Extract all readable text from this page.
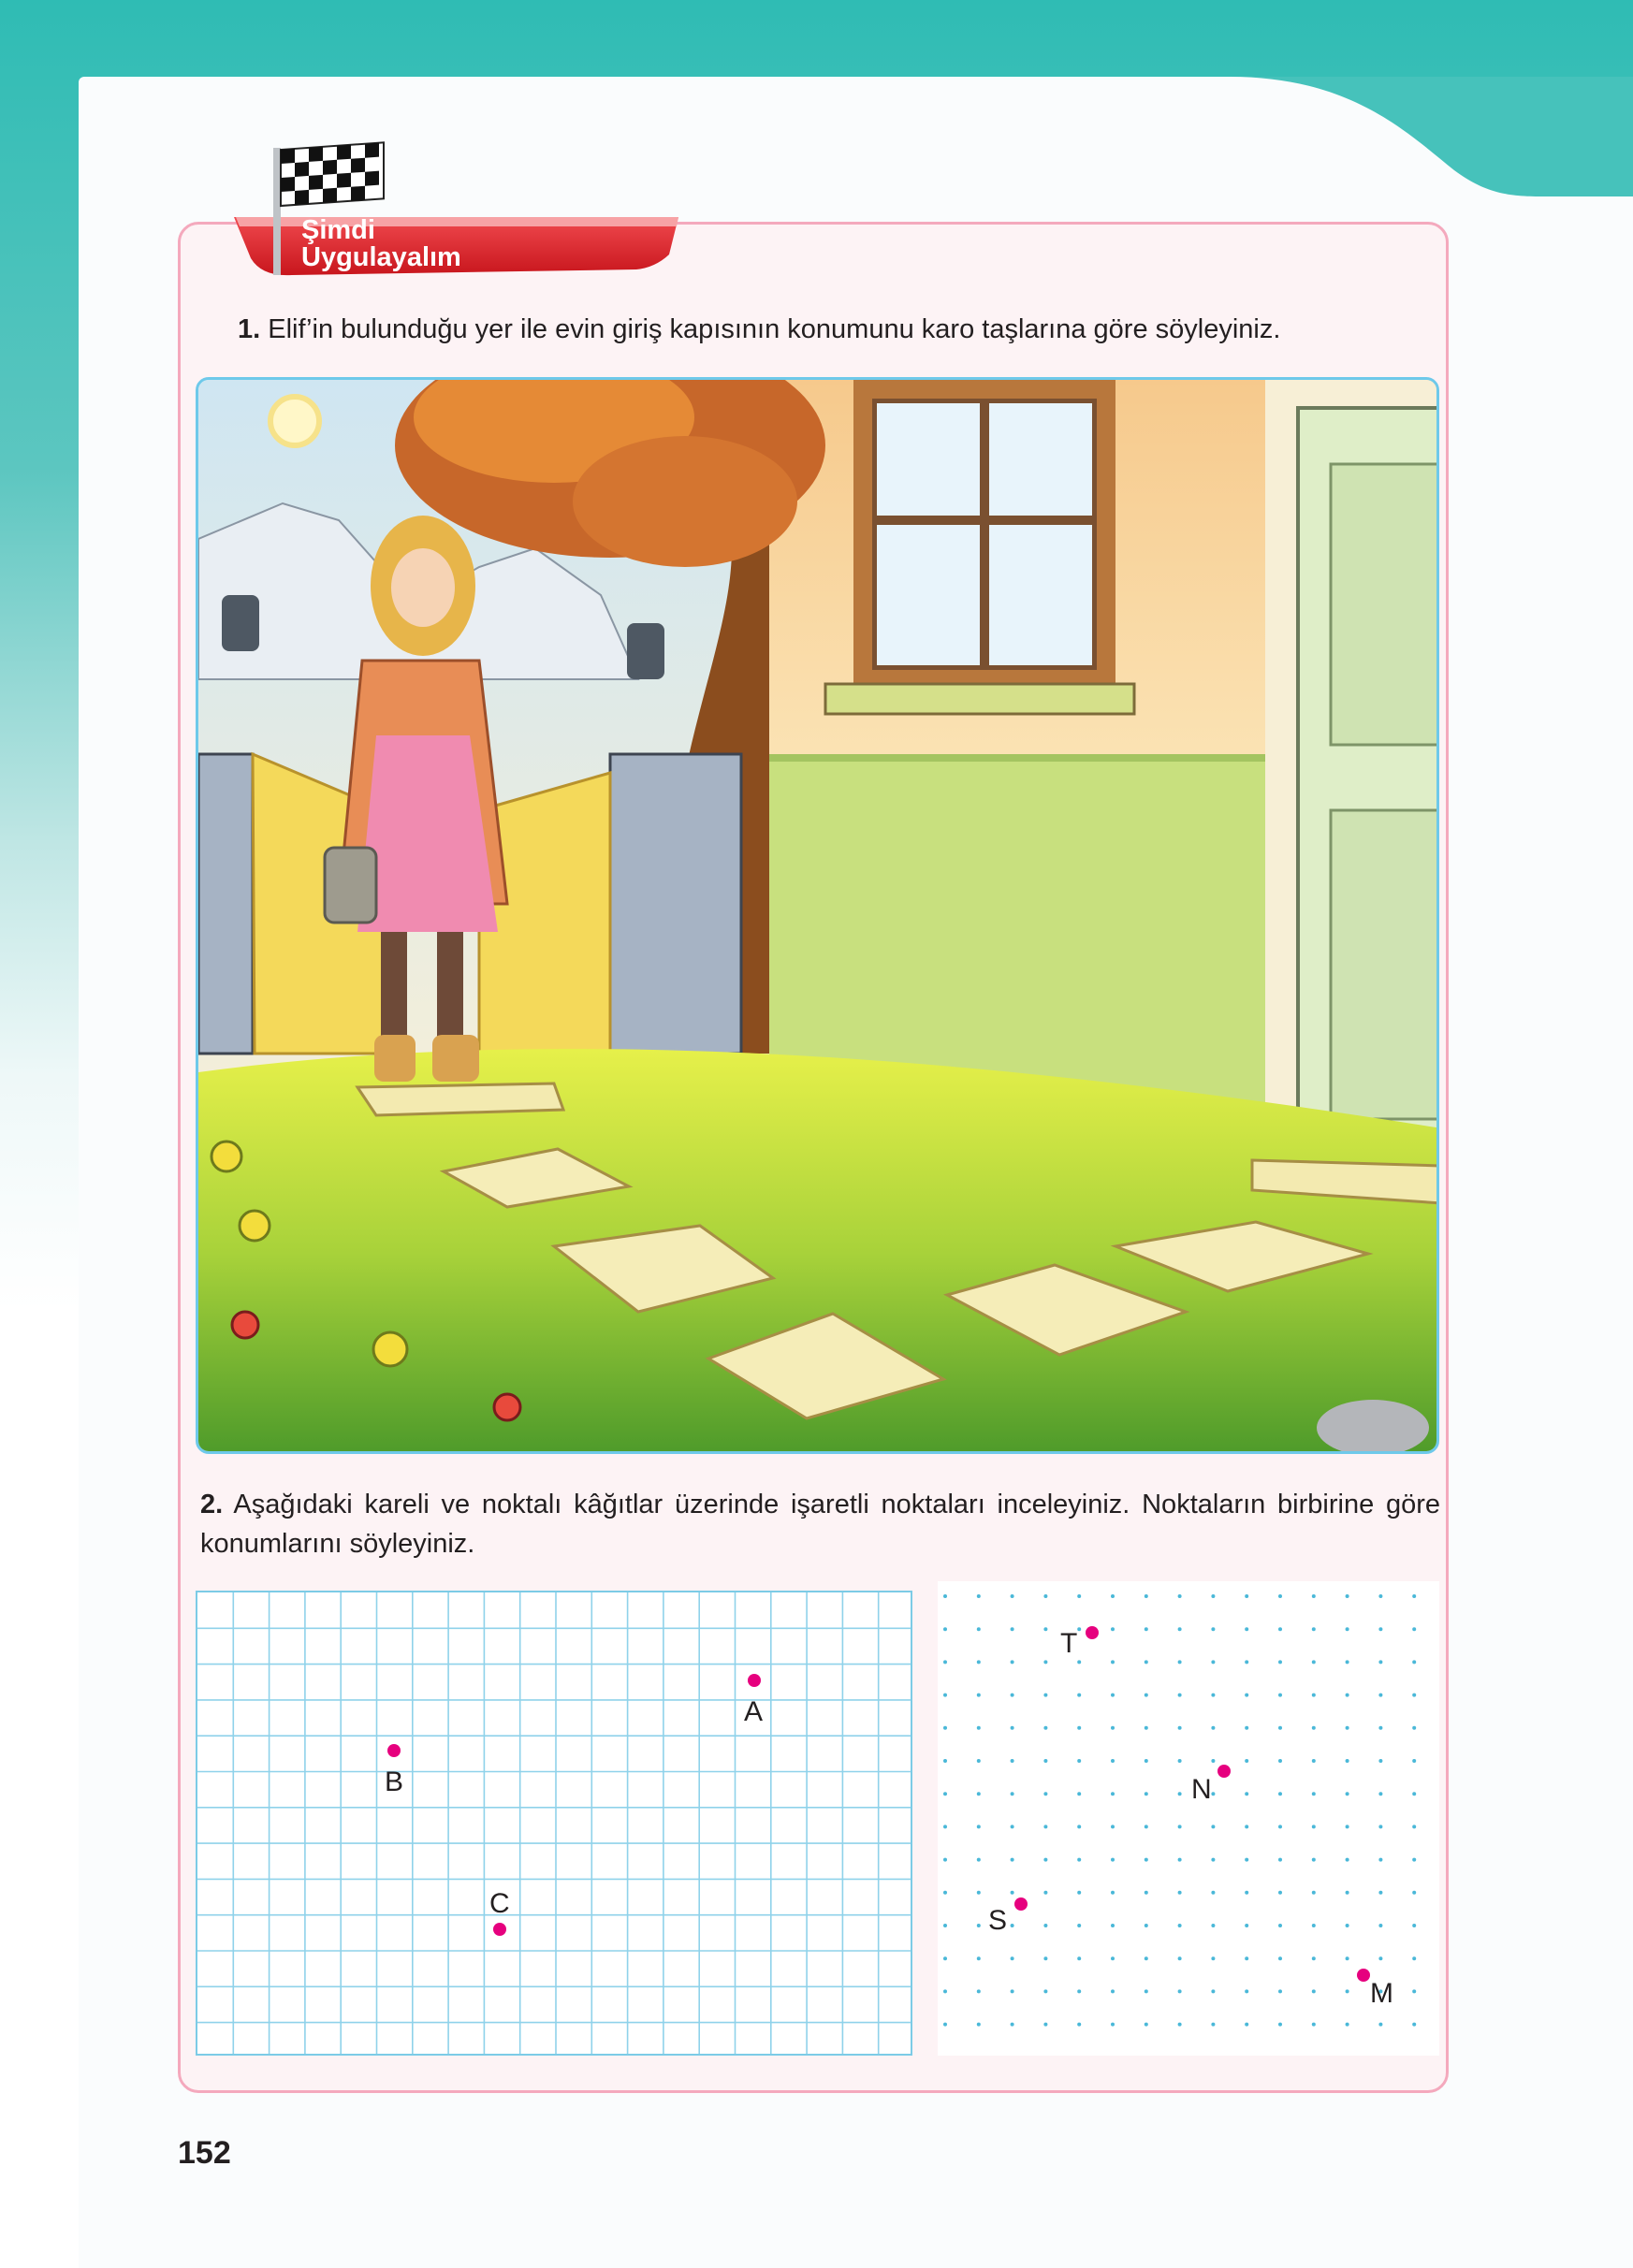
Şimdi
Uygulayalım
1. Elif’in bulunduğu yer ile evin giriş kapısının konumunu karo taşlarına göre söyleyiniz.
2. Aşağıdaki kareli ve noktalı kâğıtlar üzerinde işaretli noktaları inceleyiniz. Noktaların birbirine göre konumlarını söyleyiniz.
A
B
C
T
N
S
M
152
